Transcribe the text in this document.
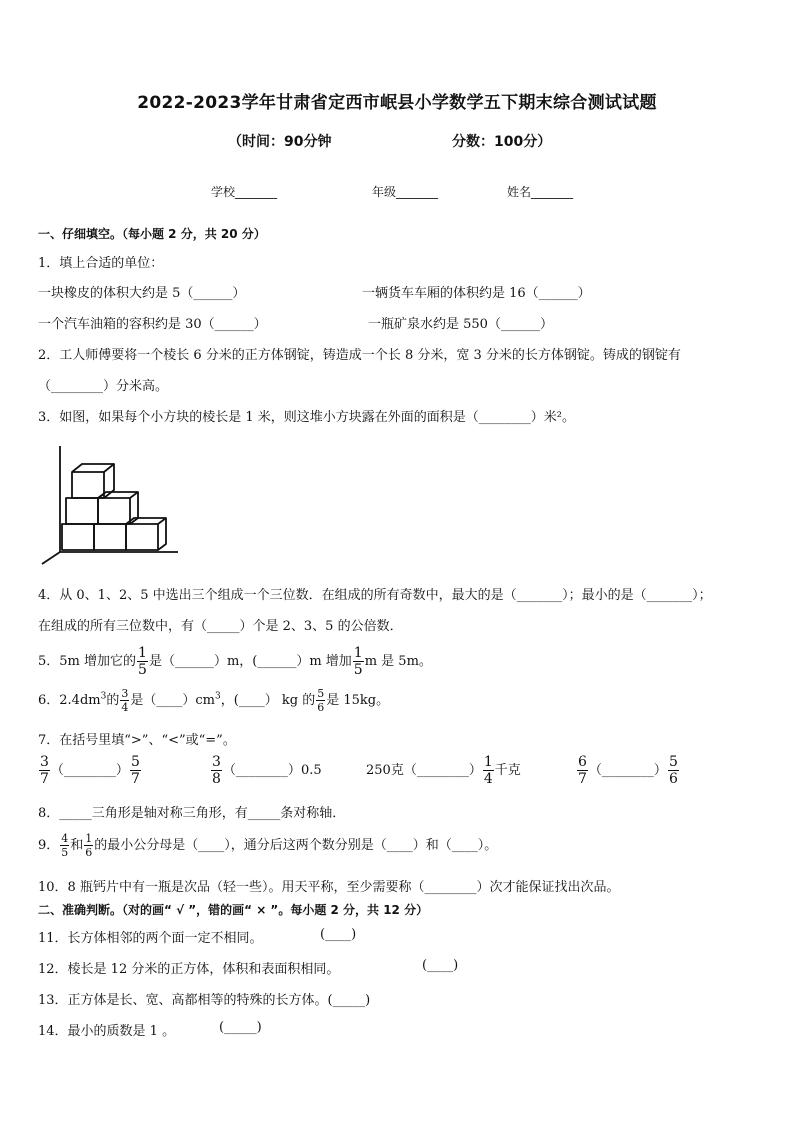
2022-2023学年甘肃省定西市岷县小学数学五下期末综合测试试题
（时间：90分钟	分数：100分）
学校_______	年级_______	姓名_______
一、仔细填空。（每小题 2 分，共 20 分）
1．填上合适的单位：
一块橡皮的体积大约是 5（______）	一辆货车车厢的体积约是 16（______）
一个汽车油箱的容积约是 30（______）	一瓶矿泉水约是 550（______）
2．工人师傅要将一个棱长 6 分米的正方体钢锭，铸造成一个长 8 分米，宽 3 分米的长方体钢锭。铸成的钢锭有
（________）分米高。
3．如图，如果每个小方块的棱长是 1 米，则这堆小方块露在外面的面积是（________）米²。
4．从 0、1、2、5 中选出三个组成一个三位数．在组成的所有奇数中，最大的是（_______）；最小的是（_______）；
在组成的所有三位数中，有（_____）个是 2、3、5 的公倍数．
5．5m 增加它的 $\frac{1}{5}$ 是（______）m，(______）m 增加 $\frac{1}{5}$ m 是 5m。
6．$2.4dm^3$的 $\frac{3}{4}$ 是$(\_\_\_\_)cm^3$，(____） kg 的 $\frac{5}{6}$ 是 15kg。
7．在括号里填“>”、“<”或“=”。
$\frac{3}{7}$ （________） $\frac{5}{7}$	$\frac{3}{8}$ （________）0.5	250克（________） $\frac{1}{4}$ 千克	$\frac{6}{7}$ （________） $\frac{5}{6}$
8．_____三角形是轴对称三角形，有_____条对称轴．
9． $\frac{4}{5}$ 和 $\frac{1}{6}$ 的最小公分母是（____），通分后这两个数分别是（____）和（____）。
10．8 瓶钙片中有一瓶是次品（轻一些）。用天平称，至少需要称（________）次才能保证找出次品。
二、准确判断。（对的画“ √ ”，错的画“ × ”。每小题 2 分，共 12 分）
11．长方体相邻的两个面一定不相同。	(____)
12．棱长是 12 分米的正方体，体积和表面积相同。	(____)
13．正方体是长、宽、高都相等的特殊的长方体。(_____)
14．最小的质数是 1 。	(_____)
